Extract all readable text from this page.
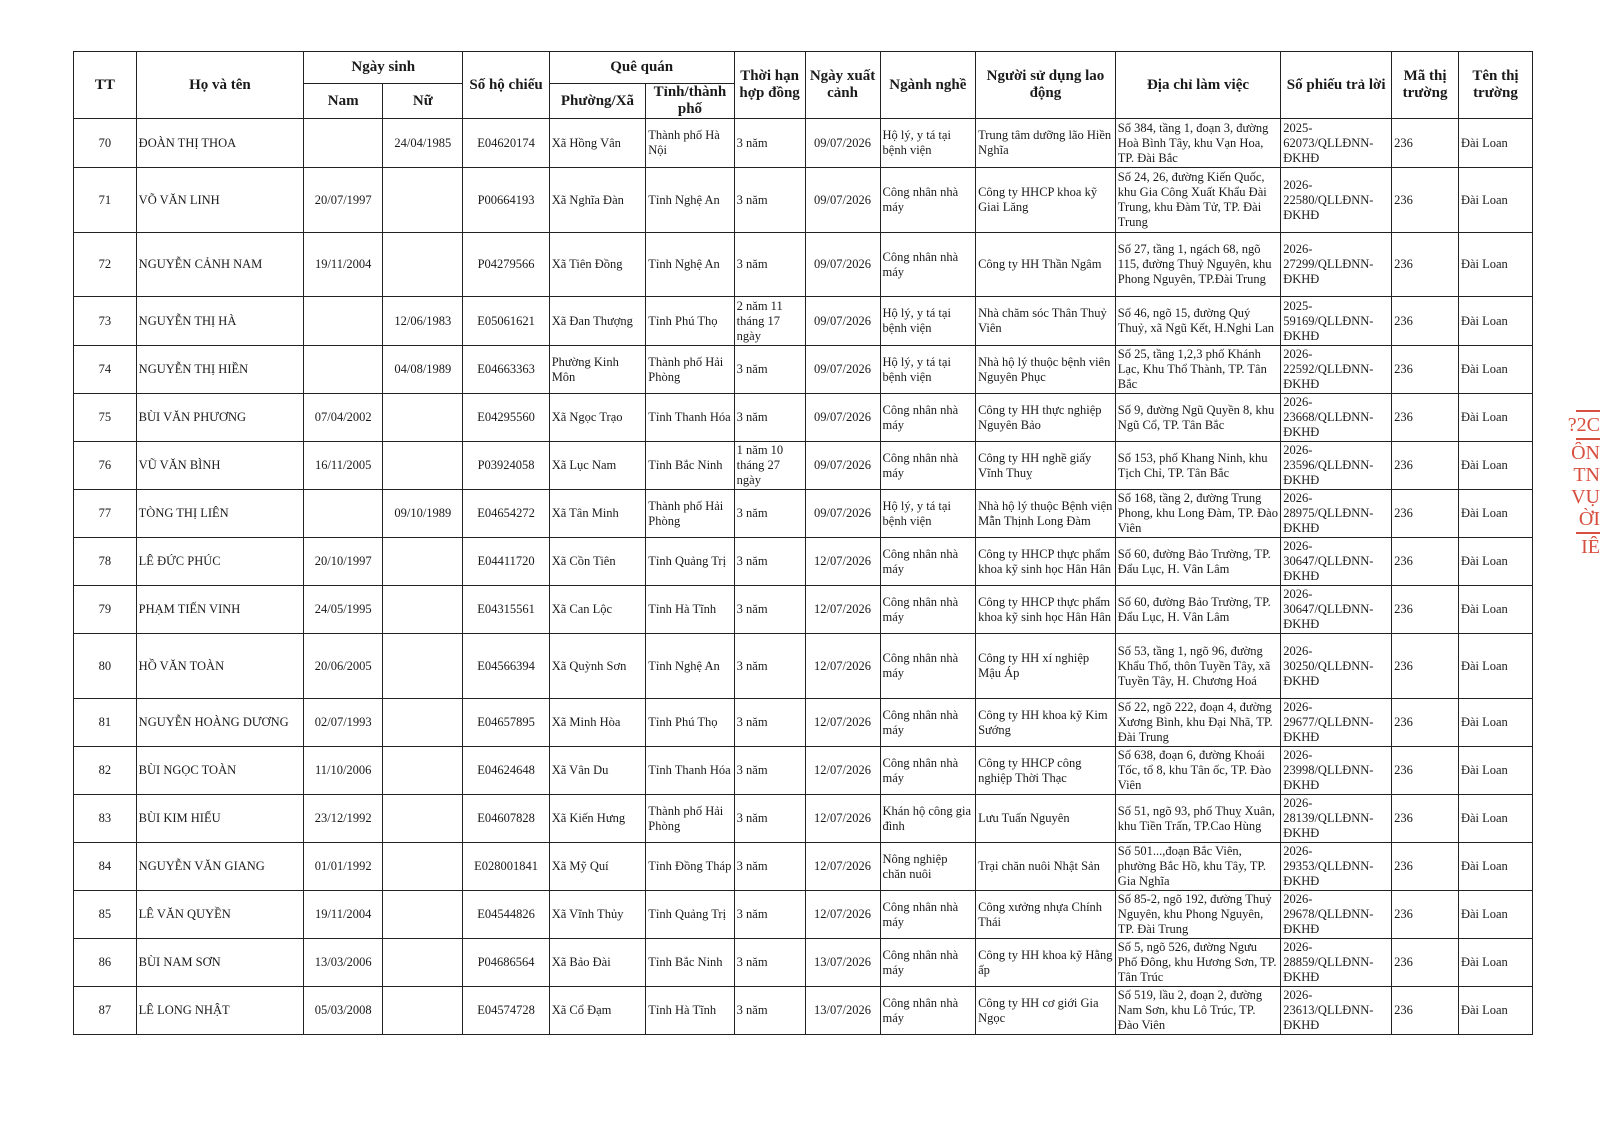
TT	Họ và tên	Ngày sinh		Số hộ chiếu	Quê quán		Thời hạn hợp đồng	Ngày xuất cảnh	Ngành nghề	Người sử dụng lao động	Địa chỉ làm việc	Số phiếu trả lời	Mã thị trường	Tên thị trường
		Nam	Nữ		Phường/Xã	Tỉnh/thành phố								
70	ĐOÀN THỊ THOA		24/04/1985	E04620174	Xã Hồng Vân	Thành phố Hà Nội	3 năm	09/07/2026	Hộ lý, y tá tại bệnh viện	Trung tâm dưỡng lão Hiền Nghĩa	Số 384, tầng 1, đoạn 3, đường Hoà Bình Tây, khu Vạn Hoa, TP. Đài Bắc	2025-62073/QLLĐNN-ĐKHĐ	236	Đài Loan
71	VÕ VĂN LINH	20/07/1997		P00664193	Xã Nghĩa Đàn	Tỉnh Nghệ An	3 năm	09/07/2026	Công nhân nhà máy	Công ty HHCP khoa kỹ Giai Lăng	Số 24, 26, đường Kiến Quốc, khu Gia Công Xuất Khẩu Đài Trung, khu Đàm Tử, TP. Đài Trung	2026-22580/QLLĐNN-ĐKHĐ	236	Đài Loan
72	NGUYỄN CẢNH NAM	19/11/2004		P04279566	Xã Tiên Đồng	Tỉnh Nghệ An	3 năm	09/07/2026	Công nhân nhà máy	Công ty HH Thần Ngâm	Số 27, tầng 1, ngách 68, ngõ 115, đường Thuỷ Nguyên, khu Phong Nguyên, TP.Đài Trung	2026-27299/QLLĐNN-ĐKHĐ	236	Đài Loan
73	NGUYỄN THỊ HÀ		12/06/1983	E05061621	Xã Đan Thượng	Tỉnh Phú Thọ	2 năm 11 tháng 17 ngày	09/07/2026	Hộ lý, y tá tại bệnh viện	Nhà chăm sóc Thân Thuỷ Viên	Số 46, ngõ 15, đường Quý Thuỷ, xã Ngũ Kết, H.Nghi Lan	2025-59169/QLLĐNN-ĐKHĐ	236	Đài Loan
74	NGUYỄN THỊ HIỀN		04/08/1989	E04663363	Phường Kinh Môn	Thành phố Hải Phòng	3 năm	09/07/2026	Hộ lý, y tá tại bệnh viện	Nhà hộ lý thuộc bệnh viên Nguyên Phục	Số 25, tầng 1,2,3 phố Khánh Lạc, Khu Thổ Thành, TP. Tân Bắc	2026-22592/QLLĐNN-ĐKHĐ	236	Đài Loan
75	BÙI VĂN PHƯƠNG	07/04/2002		E04295560	Xã Ngọc Trạo	Tỉnh Thanh Hóa	3 năm	09/07/2026	Công nhân nhà máy	Công ty HH thực nghiệp Nguyên Bảo	Số 9, đường Ngũ Quyền 8, khu Ngũ Cổ, TP. Tân Bắc	2026-23668/QLLĐNN-ĐKHĐ	236	Đài Loan
76	VŨ VĂN BÌNH	16/11/2005		P03924058	Xã Lục Nam	Tỉnh Bắc Ninh	1 năm 10 tháng 27 ngày	09/07/2026	Công nhân nhà máy	Công ty HH nghề giấy Vĩnh Thuỵ	Số 153, phố Khang Ninh, khu Tịch Chỉ, TP. Tân Bắc	2026-23596/QLLĐNN-ĐKHĐ	236	Đài Loan
77	TÒNG THỊ LIÊN		09/10/1989	E04654272	Xã Tân Minh	Thành phố Hải Phòng	3 năm	09/07/2026	Hộ lý, y tá tại bệnh viện	Nhà hộ lý thuộc Bệnh viện Mẫn Thịnh Long Đàm	Số 168, tầng 2, đường Trung Phong, khu Long Đàm, TP. Đào Viên	2026-28975/QLLĐNN-ĐKHĐ	236	Đài Loan
78	LÊ ĐỨC PHÚC	20/10/1997		E04411720	Xã Cồn Tiên	Tỉnh Quảng Trị	3 năm	12/07/2026	Công nhân nhà máy	Công ty HHCP thực phẩm khoa kỹ sinh học Hân Hân	Số 60, đường Bảo Trường, TP. Đẩu Lục, H. Vân Lâm	2026-30647/QLLĐNN-ĐKHĐ	236	Đài Loan
79	PHẠM TIẾN VINH	24/05/1995		E04315561	Xã Can Lộc	Tỉnh Hà Tĩnh	3 năm	12/07/2026	Công nhân nhà máy	Công ty HHCP thực phẩm khoa kỹ sinh học Hân Hân	Số 60, đường Bảo Trường, TP. Đẩu Lục, H. Vân Lâm	2026-30647/QLLĐNN-ĐKHĐ	236	Đài Loan
80	HỒ VĂN TOÀN	20/06/2005		E04566394	Xã Quỳnh Sơn	Tỉnh Nghệ An	3 năm	12/07/2026	Công nhân nhà máy	Công ty HH xí nghiệp Mậu Áp	Số 53, tầng 1, ngõ 96, đường Khẩu Thố, thôn Tuyền Tây, xã Tuyền Tây, H. Chương Hoá	2026-30250/QLLĐNN-ĐKHĐ	236	Đài Loan
81	NGUYỄN HOÀNG DƯƠNG	02/07/1993		E04657895	Xã Minh Hòa	Tỉnh Phú Thọ	3 năm	12/07/2026	Công nhân nhà máy	Công ty HH khoa kỹ Kim Sướng	Số 22, ngõ 222, đoạn 4, đường Xương Bình, khu Đại Nhã, TP. Đài Trung	2026-29677/QLLĐNN-ĐKHĐ	236	Đài Loan
82	BÙI NGỌC TOÀN	11/10/2006		E04624648	Xã Vân Du	Tỉnh Thanh Hóa	3 năm	12/07/2026	Công nhân nhà máy	Công ty HHCP công nghiệp Thời Thạc	Số 638, đoạn 6, đường Khoái Tốc, tổ 8, khu Tân ốc, TP. Đào Viên	2026-23998/QLLĐNN-ĐKHĐ	236	Đài Loan
83	BÙI KIM HIẾU	23/12/1992		E04607828	Xã Kiến Hưng	Thành phố Hải Phòng	3 năm	12/07/2026	Khán hộ công gia đình	Lưu Tuấn Nguyên	Số 51, ngõ 93, phố Thuỵ Xuân, khu Tiền Trấn, TP.Cao Hùng	2026-28139/QLLĐNN-ĐKHĐ	236	Đài Loan
84	NGUYỄN VĂN GIANG	01/01/1992		E028001841	Xã Mỹ Quí	Tỉnh Đồng Tháp	3 năm	12/07/2026	Nông nghiệp chăn nuôi	Trại chăn nuôi Nhật Sản	Số 501...,đoạn Bắc Viên, phường Bắc Hồ, khu Tây, TP. Gia Nghĩa	2026-29353/QLLĐNN-ĐKHĐ	236	Đài Loan
85	LÊ VĂN QUYỀN	19/11/2004		E04544826	Xã Vĩnh Thủy	Tỉnh Quảng Trị	3 năm	12/07/2026	Công nhân nhà máy	Công xưởng nhựa Chính Thái	Số 85-2, ngõ 192, đường Thuỷ Nguyên, khu Phong Nguyên, TP. Đài Trung	2026-29678/QLLĐNN-ĐKHĐ	236	Đài Loan
86	BÙI NAM SƠN	13/03/2006		P04686564	Xã Bảo Đài	Tỉnh Bắc Ninh	3 năm	13/07/2026	Công nhân nhà máy	Công ty HH khoa kỹ Hằng ấp	Số 5, ngõ 526, đường Ngưu Phố Đông, khu Hương Sơn, TP. Tân Trúc	2026-28859/QLLĐNN-ĐKHĐ	236	Đài Loan
87	LÊ LONG NHẬT	05/03/2008		E04574728	Xã Cổ Đạm	Tỉnh Hà Tĩnh	3 năm	13/07/2026	Công nhân nhà máy	Công ty HH cơ giới Gia Ngọc	Số 519, lầu 2, đoạn 2, đường Nam Sơn, khu Lô Trúc, TP. Đào Viên	2026-23613/QLLĐNN-ĐKHĐ	236	Đài Loan
?2C
ÔN
TN
VỤ
ỜI
IÊ
